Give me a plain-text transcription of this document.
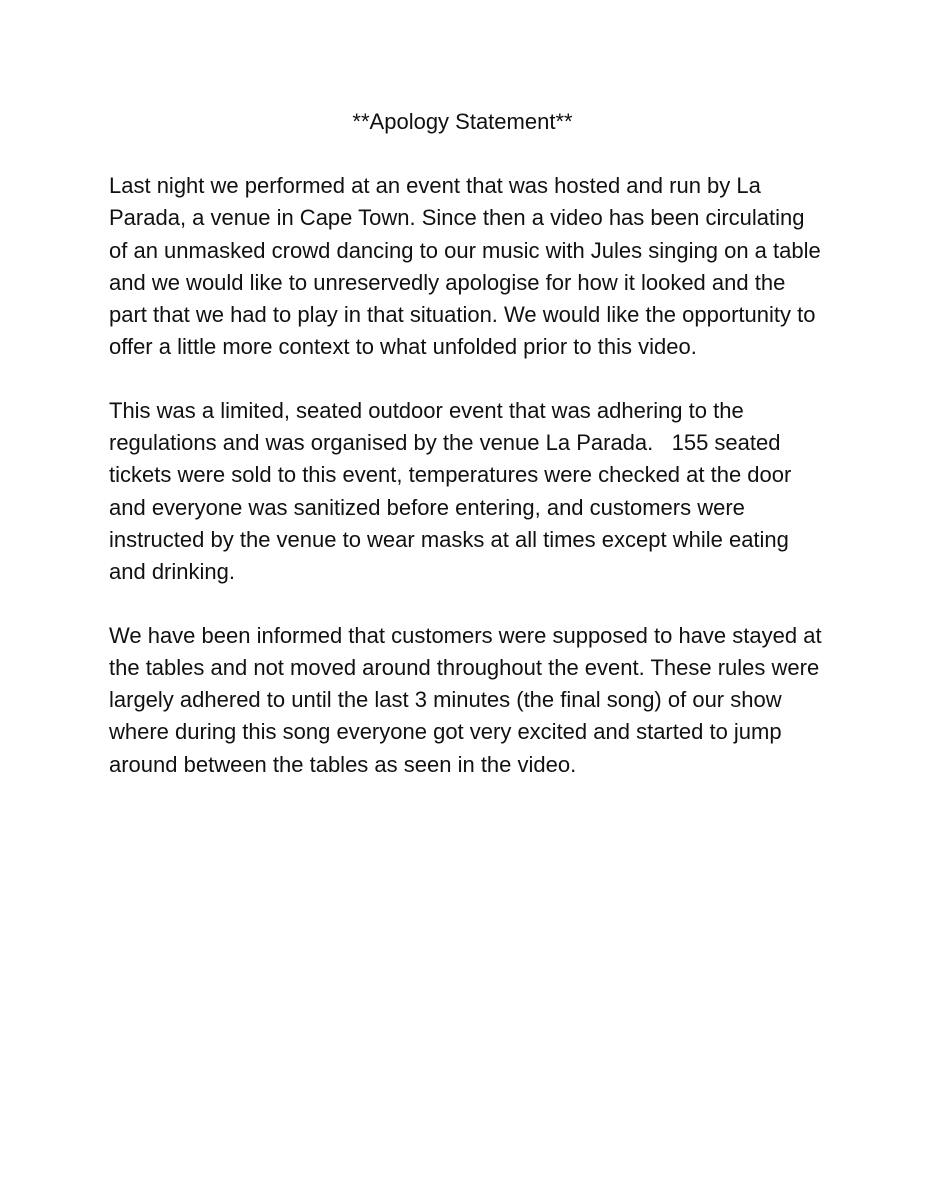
**Apology Statement**

Last night we performed at an event that was hosted and run by La Parada, a venue in Cape Town. Since then a video has been circulating of an unmasked crowd dancing to our music with Jules singing on a table and we would like to unreservedly apologise for how it looked and the part that we had to play in that situation. We would like the opportunity to offer a little more context to what unfolded prior to this video.

This was a limited, seated outdoor event that was adhering to the regulations and was organised by the venue La Parada.   155 seated tickets were sold to this event, temperatures were checked at the door and everyone was sanitized before entering, and customers were instructed by the venue to wear masks at all times except while eating and drinking.

We have been informed that customers were supposed to have stayed at the tables and not moved around throughout the event. These rules were largely adhered to until the last 3 minutes (the final song) of our show where during this song everyone got very excited and started to jump around between the tables as seen in the video.
